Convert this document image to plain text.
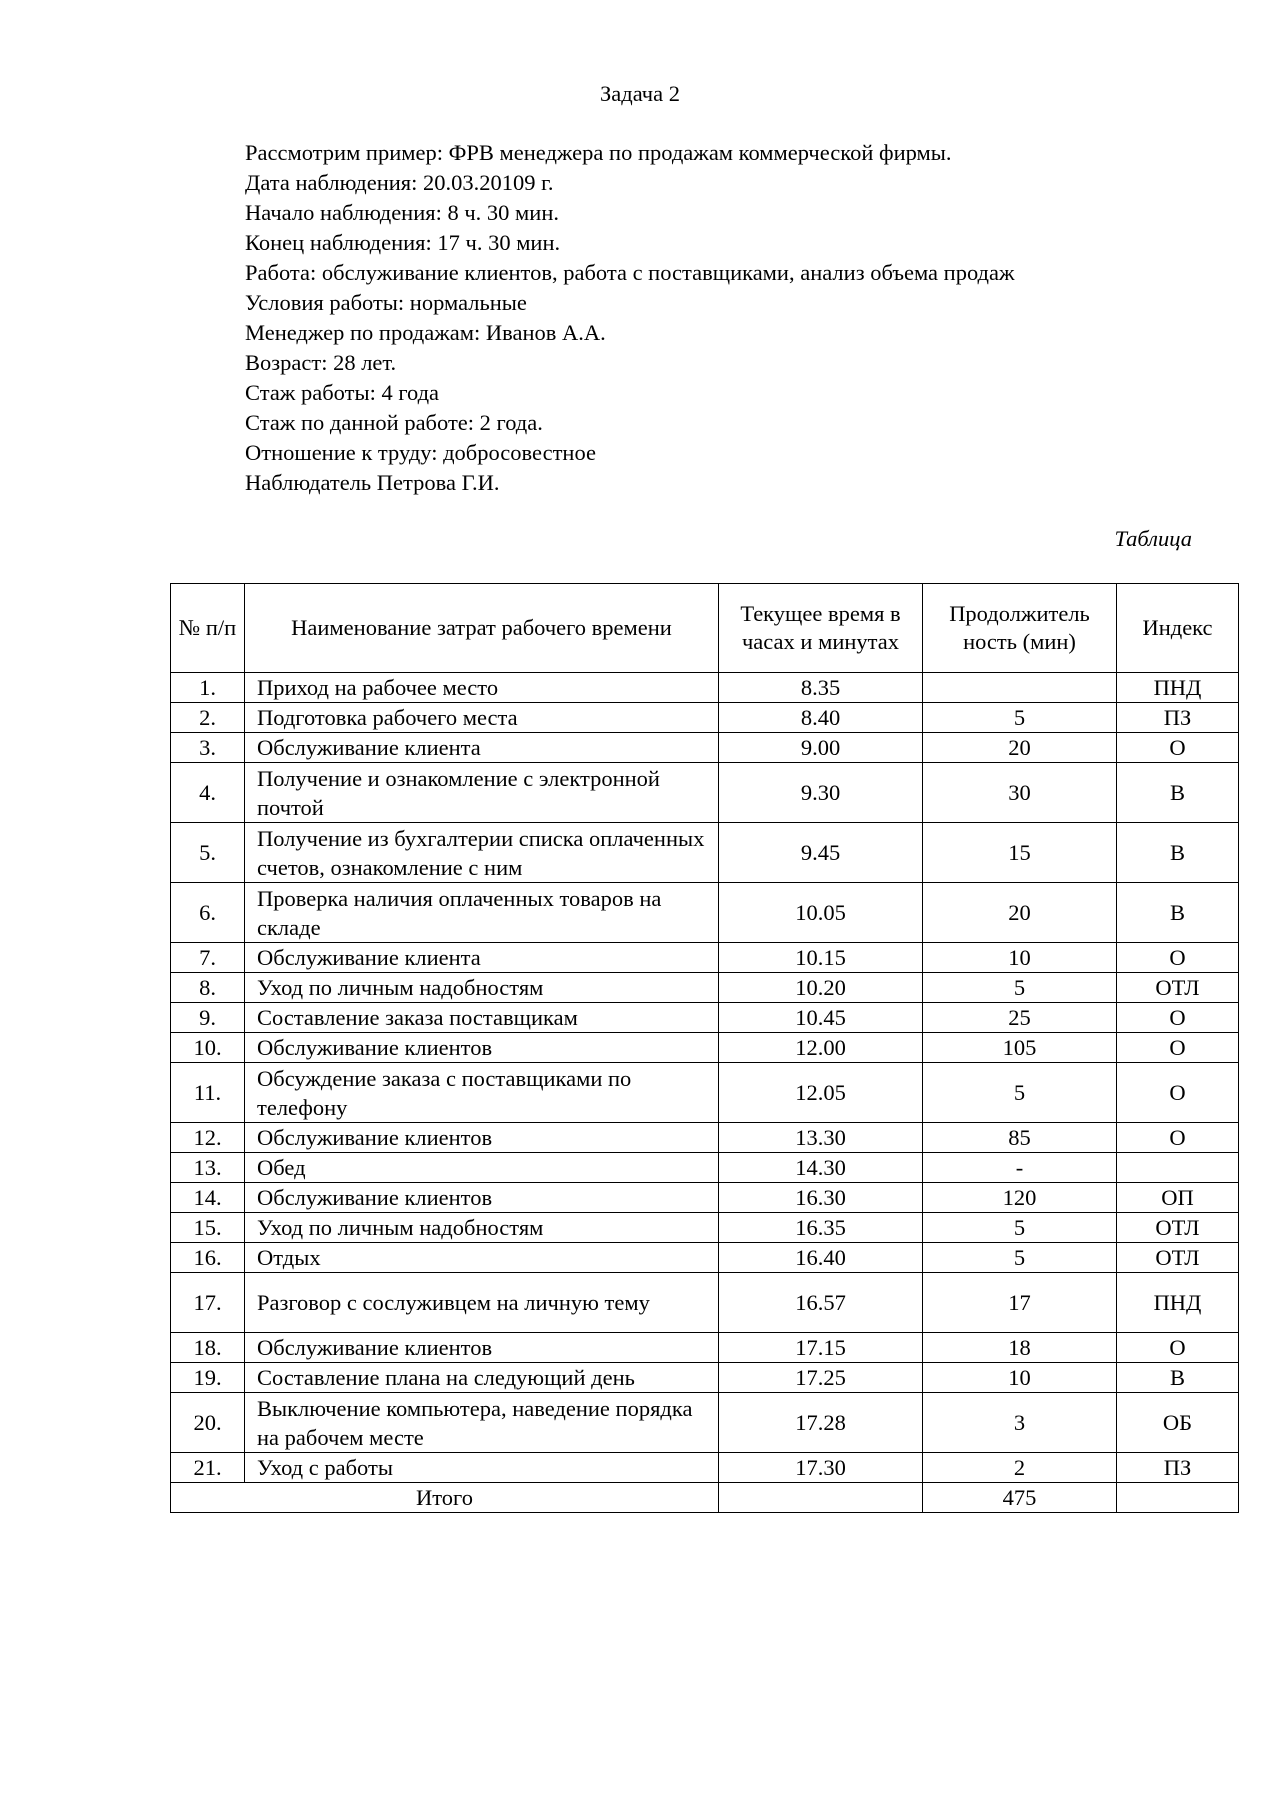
Задача 2
Рассмотрим пример: ФРВ менеджера по продажам коммерческой фирмы.
Дата наблюдения: 20.03.20109 г.
Начало наблюдения: 8 ч. 30 мин.
Конец наблюдения: 17 ч. 30 мин.
Работа: обслуживание клиентов, работа с поставщиками, анализ объема продаж
Условия работы: нормальные
Менеджер по продажам: Иванов А.А.
Возраст: 28 лет.
Стаж работы: 4 года
Стаж по данной работе: 2 года.
Отношение к труду: добросовестное
Наблюдатель Петрова Г.И.
Таблица
№ п/п	Наименование затрат рабочего времени	Текущее время в часах и минутах	Продолжитель ность (мин)	Индекс
1.	Приход на рабочее место	8.35		ПНД
2.	Подготовка рабочего места	8.40	5	ПЗ
3.	Обслуживание клиента	9.00	20	О
4.	Получение и ознакомление с электронной почтой	9.30	30	В
5.	Получение из бухгалтерии списка оплаченных счетов, ознакомление с ним	9.45	15	В
6.	Проверка наличия оплаченных товаров на складе	10.05	20	В
7.	Обслуживание клиента	10.15	10	О
8.	Уход по личным надобностям	10.20	5	ОТЛ
9.	Составление заказа поставщикам	10.45	25	О
10.	Обслуживание клиентов	12.00	105	О
11.	Обсуждение заказа с поставщиками по телефону	12.05	5	О
12.	Обслуживание клиентов	13.30	85	О
13.	Обед	14.30	-	
14.	Обслуживание клиентов	16.30	120	ОП
15.	Уход по личным надобностям	16.35	5	ОТЛ
16.	Отдых	16.40	5	ОТЛ
17.	Разговор с сослуживцем на личную тему	16.57	17	ПНД
18.	Обслуживание клиентов	17.15	18	О
19.	Составление плана на следующий день	17.25	10	В
20.	Выключение компьютера, наведение порядка на рабочем месте	17.28	3	ОБ
21.	Уход с работы	17.30	2	ПЗ
Итого			475	
